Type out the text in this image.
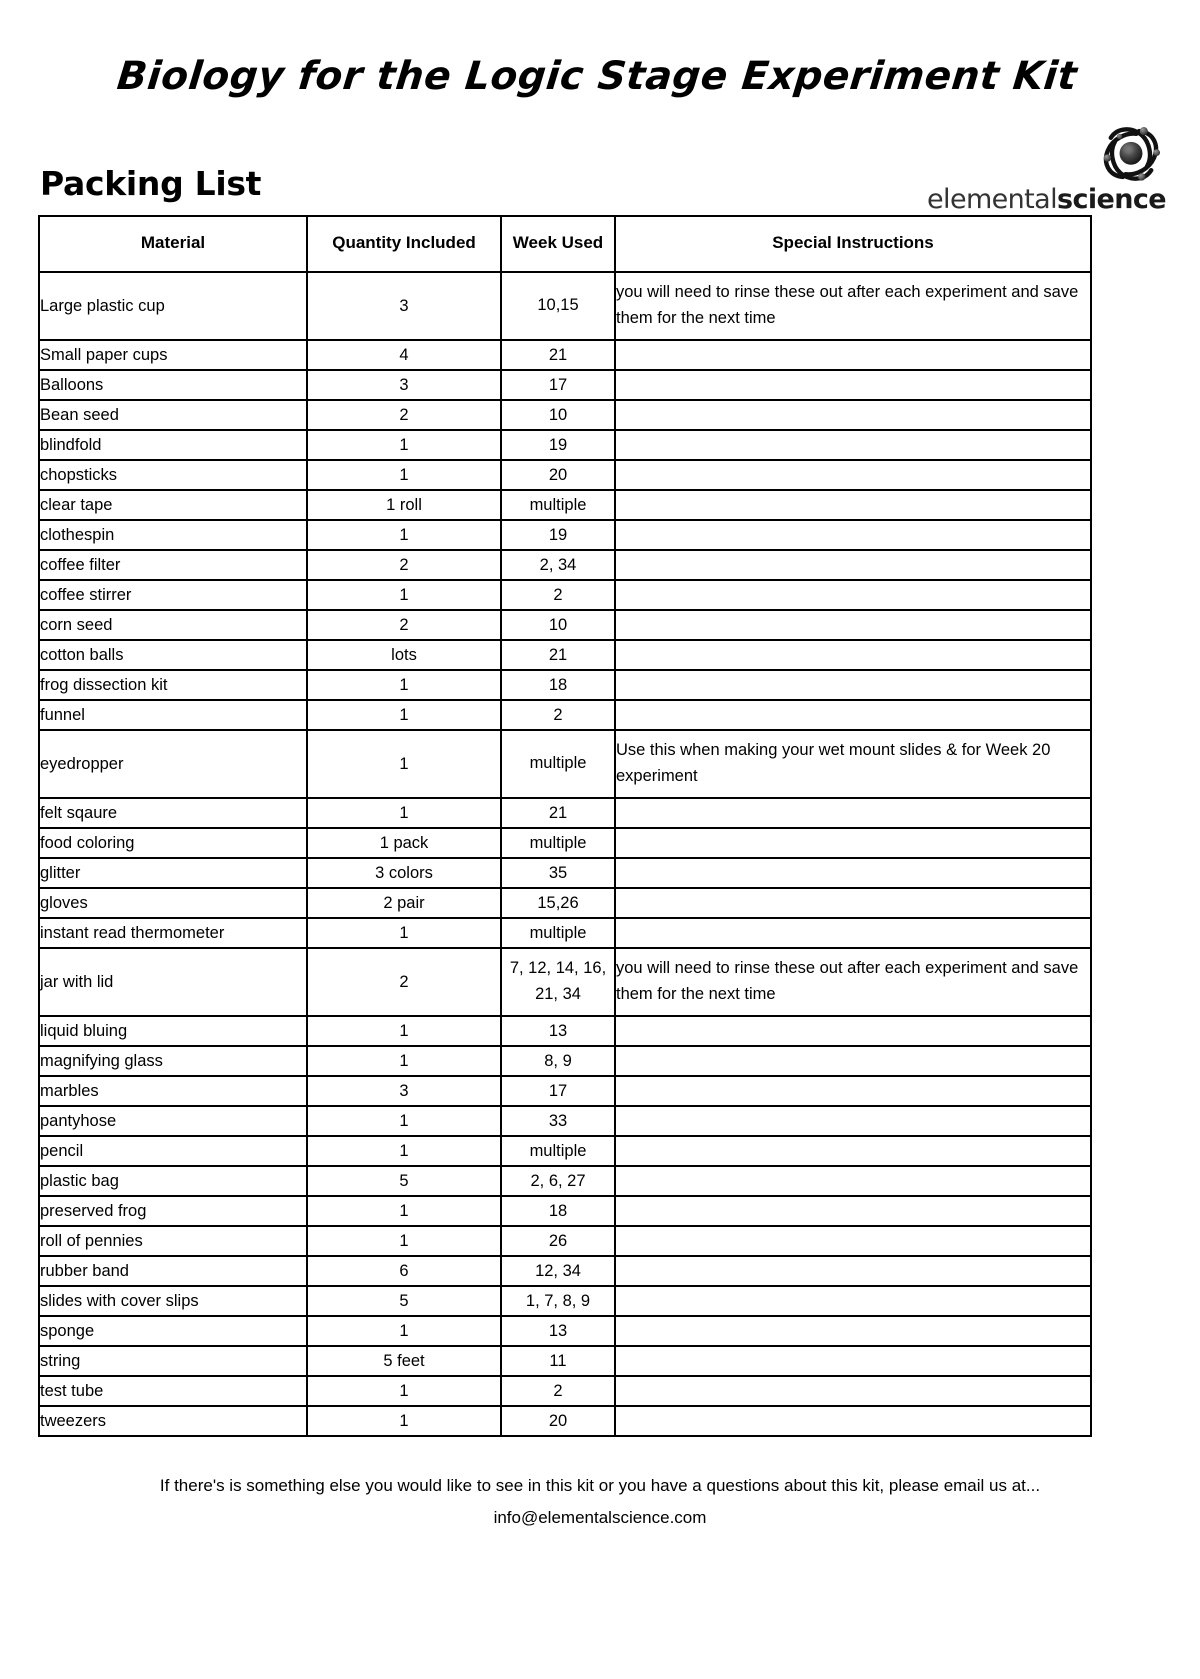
Biology for the Logic Stage Experiment Kit
Packing List	elementalscience
Material	Quantity Included	Week Used	Special Instructions
Large plastic cup	3	10,15	you will need to rinse these out after each experiment and save them for the next time
Small paper cups	4	21	
Balloons	3	17	
Bean seed	2	10	
blindfold	1	19	
chopsticks	1	20	
clear tape	1 roll	multiple	
clothespin	1	19	
coffee filter	2	2, 34	
coffee stirrer	1	2	
corn seed	2	10	
cotton balls	lots	21	
frog dissection kit	1	18	
funnel	1	2	
eyedropper	1	multiple	Use this when making your wet mount slides & for Week 20 experiment
felt sqaure	1	21	
food coloring	1 pack	multiple	
glitter	3 colors	35	
gloves	2 pair	15,26	
instant read thermometer	1	multiple	
jar with lid	2	7, 12, 14, 16, 21, 34	you will need to rinse these out after each experiment and save them for the next time
liquid bluing	1	13	
magnifying glass	1	8, 9	
marbles	3	17	
pantyhose	1	33	
pencil	1	multiple	
plastic bag	5	2, 6, 27	
preserved frog	1	18	
roll of pennies	1	26	
rubber band	6	12, 34	
slides with cover slips	5	1, 7, 8, 9	
sponge	1	13	
string	5 feet	11	
test tube	1	2	
tweezers	1	20	
If there's is something else you would like to see in this kit or you have a questions about this kit, please email us at...
info@elementalscience.com
